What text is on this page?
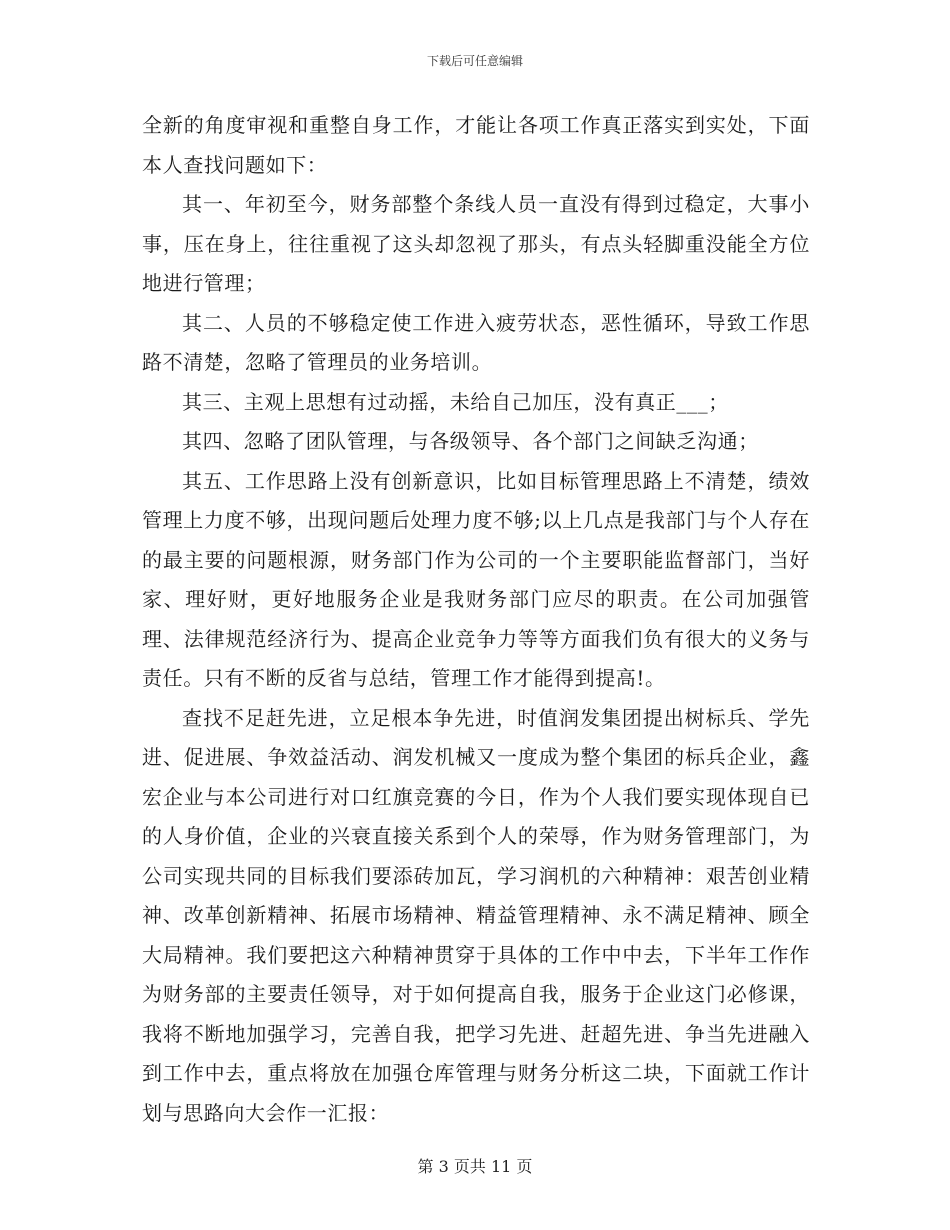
下载后可任意编辑

全新的角度审视和重整自身工作，才能让各项工作真正落实到实处，下面本人查找问题如下：

其一、年初至今，财务部整个条线人员一直没有得到过稳定，大事小事，压在身上，往往重视了这头却忽视了那头，有点头轻脚重没能全方位地进行管理；

其二、人员的不够稳定使工作进入疲劳状态，恶性循环，导致工作思路不清楚，忽略了管理员的业务培训。

其三、主观上思想有过动摇，未给自己加压，没有真正___；

其四、忽略了团队管理，与各级领导、各个部门之间缺乏沟通；

其五、工作思路上没有创新意识，比如目标管理思路上不清楚，绩效管理上力度不够，出现问题后处理力度不够;以上几点是我部门与个人存在的最主要的问题根源，财务部门作为公司的一个主要职能监督部门，当好家、理好财，更好地服务企业是我财务部门应尽的职责。在公司加强管理、法律规范经济行为、提高企业竞争力等等方面我们负有很大的义务与责任。只有不断的反省与总结，管理工作才能得到提高!。

查找不足赶先进，立足根本争先进，时值润发集团提出树标兵、学先进、促进展、争效益活动、润发机械又一度成为整个集团的标兵企业，鑫宏企业与本公司进行对口红旗竞赛的今日，作为个人我们要实现体现自已的人身价值，企业的兴衰直接关系到个人的荣辱，作为财务管理部门，为公司实现共同的目标我们要添砖加瓦，学习润机的六种精神：艰苦创业精神、改革创新精神、拓展市场精神、精益管理精神、永不满足精神、顾全大局精神。我们要把这六种精神贯穿于具体的工作中中去，下半年工作作为财务部的主要责任领导，对于如何提高自我，服务于企业这门必修课，我将不断地加强学习，完善自我，把学习先进、赶超先进、争当先进融入到工作中去，重点将放在加强仓库管理与财务分析这二块，下面就工作计划与思路向大会作一汇报：

第 3 页共 11 页
